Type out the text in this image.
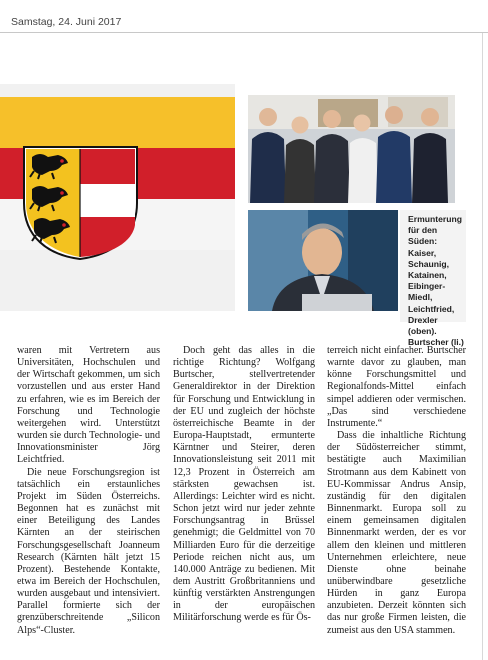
Samstag, 24. Juni 2017
Ermunterung für den Süden: Kaiser, Schaunig, Katainen, Eibinger-Miedl, Leichtfried, Drexler (oben). Burtscher (li.)

waren mit Vertretern aus Universitäten, Hochschulen und der Wirtschaft gekommen, um sich vorzustellen und aus erster Hand zu erfahren, wie es im Bereich der Forschung und Technologie weitergehen wird. Unterstützt wurden sie durch Technologie- und Innovationsminister Jörg Leichtfried.

Die neue Forschungsregion ist tatsächlich ein erstaunliches Projekt im Süden Österreichs. Begonnen hat es zunächst mit einer Beteiligung des Landes Kärnten an der steirischen Forschungsgesellschaft Joanneum Research (Kärnten hält jetzt 15 Prozent). Bestehende Kontakte, etwa im Bereich der Hochschulen, wurden ausgebaut und intensiviert. Parallel formierte sich der grenzüberschreitende „Silicon Alps“-Cluster.

Doch geht das alles in die richtige Richtung? Wolfgang Burtscher, stellvertretender Generaldirektor in der Direktion für Forschung und Entwicklung in der EU und zugleich der höchste österreichische Beamte in der Europa-Hauptstadt, ermunterte Kärntner und Steirer, deren Innovationsleistung seit 2011 mit 12,3 Prozent in Österreich am stärksten gewachsen ist. Allerdings: Leichter wird es nicht. Schon jetzt wird nur jeder zehnte Forschungsantrag in Brüssel genehmigt; die Geldmittel von 70 Milliarden Euro für die derzeitige Periode reichen nicht aus, um 140.000 Anträge zu bedienen. Mit dem Austritt Großbritanniens und künftig verstärkten Anstrengungen in der europäischen Militärforschung werde es für Ös-

terreich nicht einfacher. Burtscher warnte davor zu glauben, man könne Forschungsmittel und Regionalfonds-Mittel einfach simpel addieren oder vermischen. „Das sind verschiedene Instrumente.“

Dass die inhaltliche Richtung der Südösterreicher stimmt, bestätigte auch Maximilian Strotmann aus dem Kabinett von EU-Kommissar Andrus Ansip, zuständig für den digitalen Binnenmarkt. Europa soll zu einem gemeinsamen digitalen Binnenmarkt werden, der es vor allem den kleinen und mittleren Unternehmen erleichtere, neue Dienste ohne beinahe unüberwindbare gesetzliche Hürden in ganz Europa anzubieten. Derzeit könnten sich das nur große Firmen leisten, die zumeist aus den USA stammen.
